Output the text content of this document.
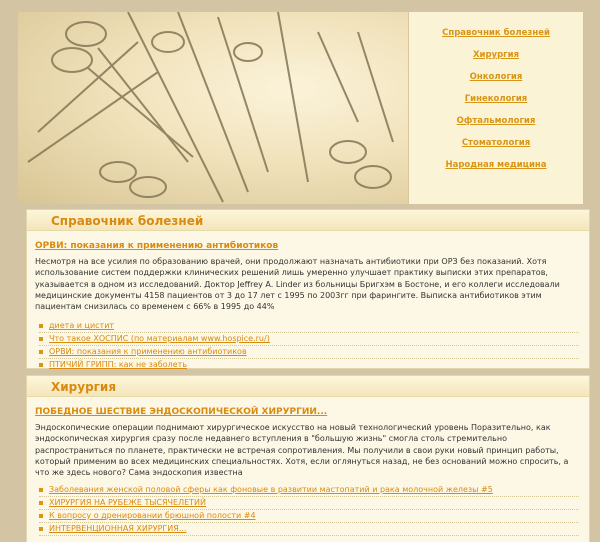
Справочник болезней
Хирургия
Онкология
Гинекология
Офтальмология
Стоматология
Народная медицина
Справочник болезней
ОРВИ: показания к применению антибиотиков
Несмотря на все усилия по образованию врачей, они продолжают назначать антибиотики при ОРЗ без показаний. Хотя использование систем поддержки клинических решений лишь умеренно улучшает практику выписки этих препаратов, указывается в одном из исследований. Доктор Jeffrey A. Linder из больницы Бригхэм в Бостоне, и его коллеги исследовали медицинские документы 4158 пациентов от 3 до 17 лет с 1995 по 2003гг при фарингите. Выписка антибиотиков этим пациентам снизилась со временем с 66% в 1995 до 44%
диета и цистит
Что такое ХОСПИС (по материалам www.hospice.ru/)
ОРВИ: показания к применению антибиотиков
ПТИЧИЙ ГРИПП: как не заболеть
Хирургия
ПОБЕДНОЕ ШЕСТВИЕ ЭНДОСКОПИЧЕСКОЙ ХИРУРГИИ...
Эндоскопические операции поднимают хирургическое искусство на новый технологический уровень Поразительно, как эндоскопическая хирургия сразу после недавнего вступления в "большую жизнь" смогла столь стремительно распространиться по планете, практически не встречая сопротивления. Мы получили в свои руки новый принцип работы, который применим во всех медицинских специальностях. Хотя, если оглянуться назад, не без оснований можно спросить, а что же здесь нового? Сама эндоскопия известна
Заболевания женской половой сферы как фоновые в развитии мастопатий и рака молочной железы #5
ХИРУРГИЯ НА РУБЕЖЕ ТЫСЯЧЕЛЕТИЙ
К вопросу о дренировании брюшной полости #4
ИНТЕРВЕНЦИОННАЯ ХИРУРГИЯ...
